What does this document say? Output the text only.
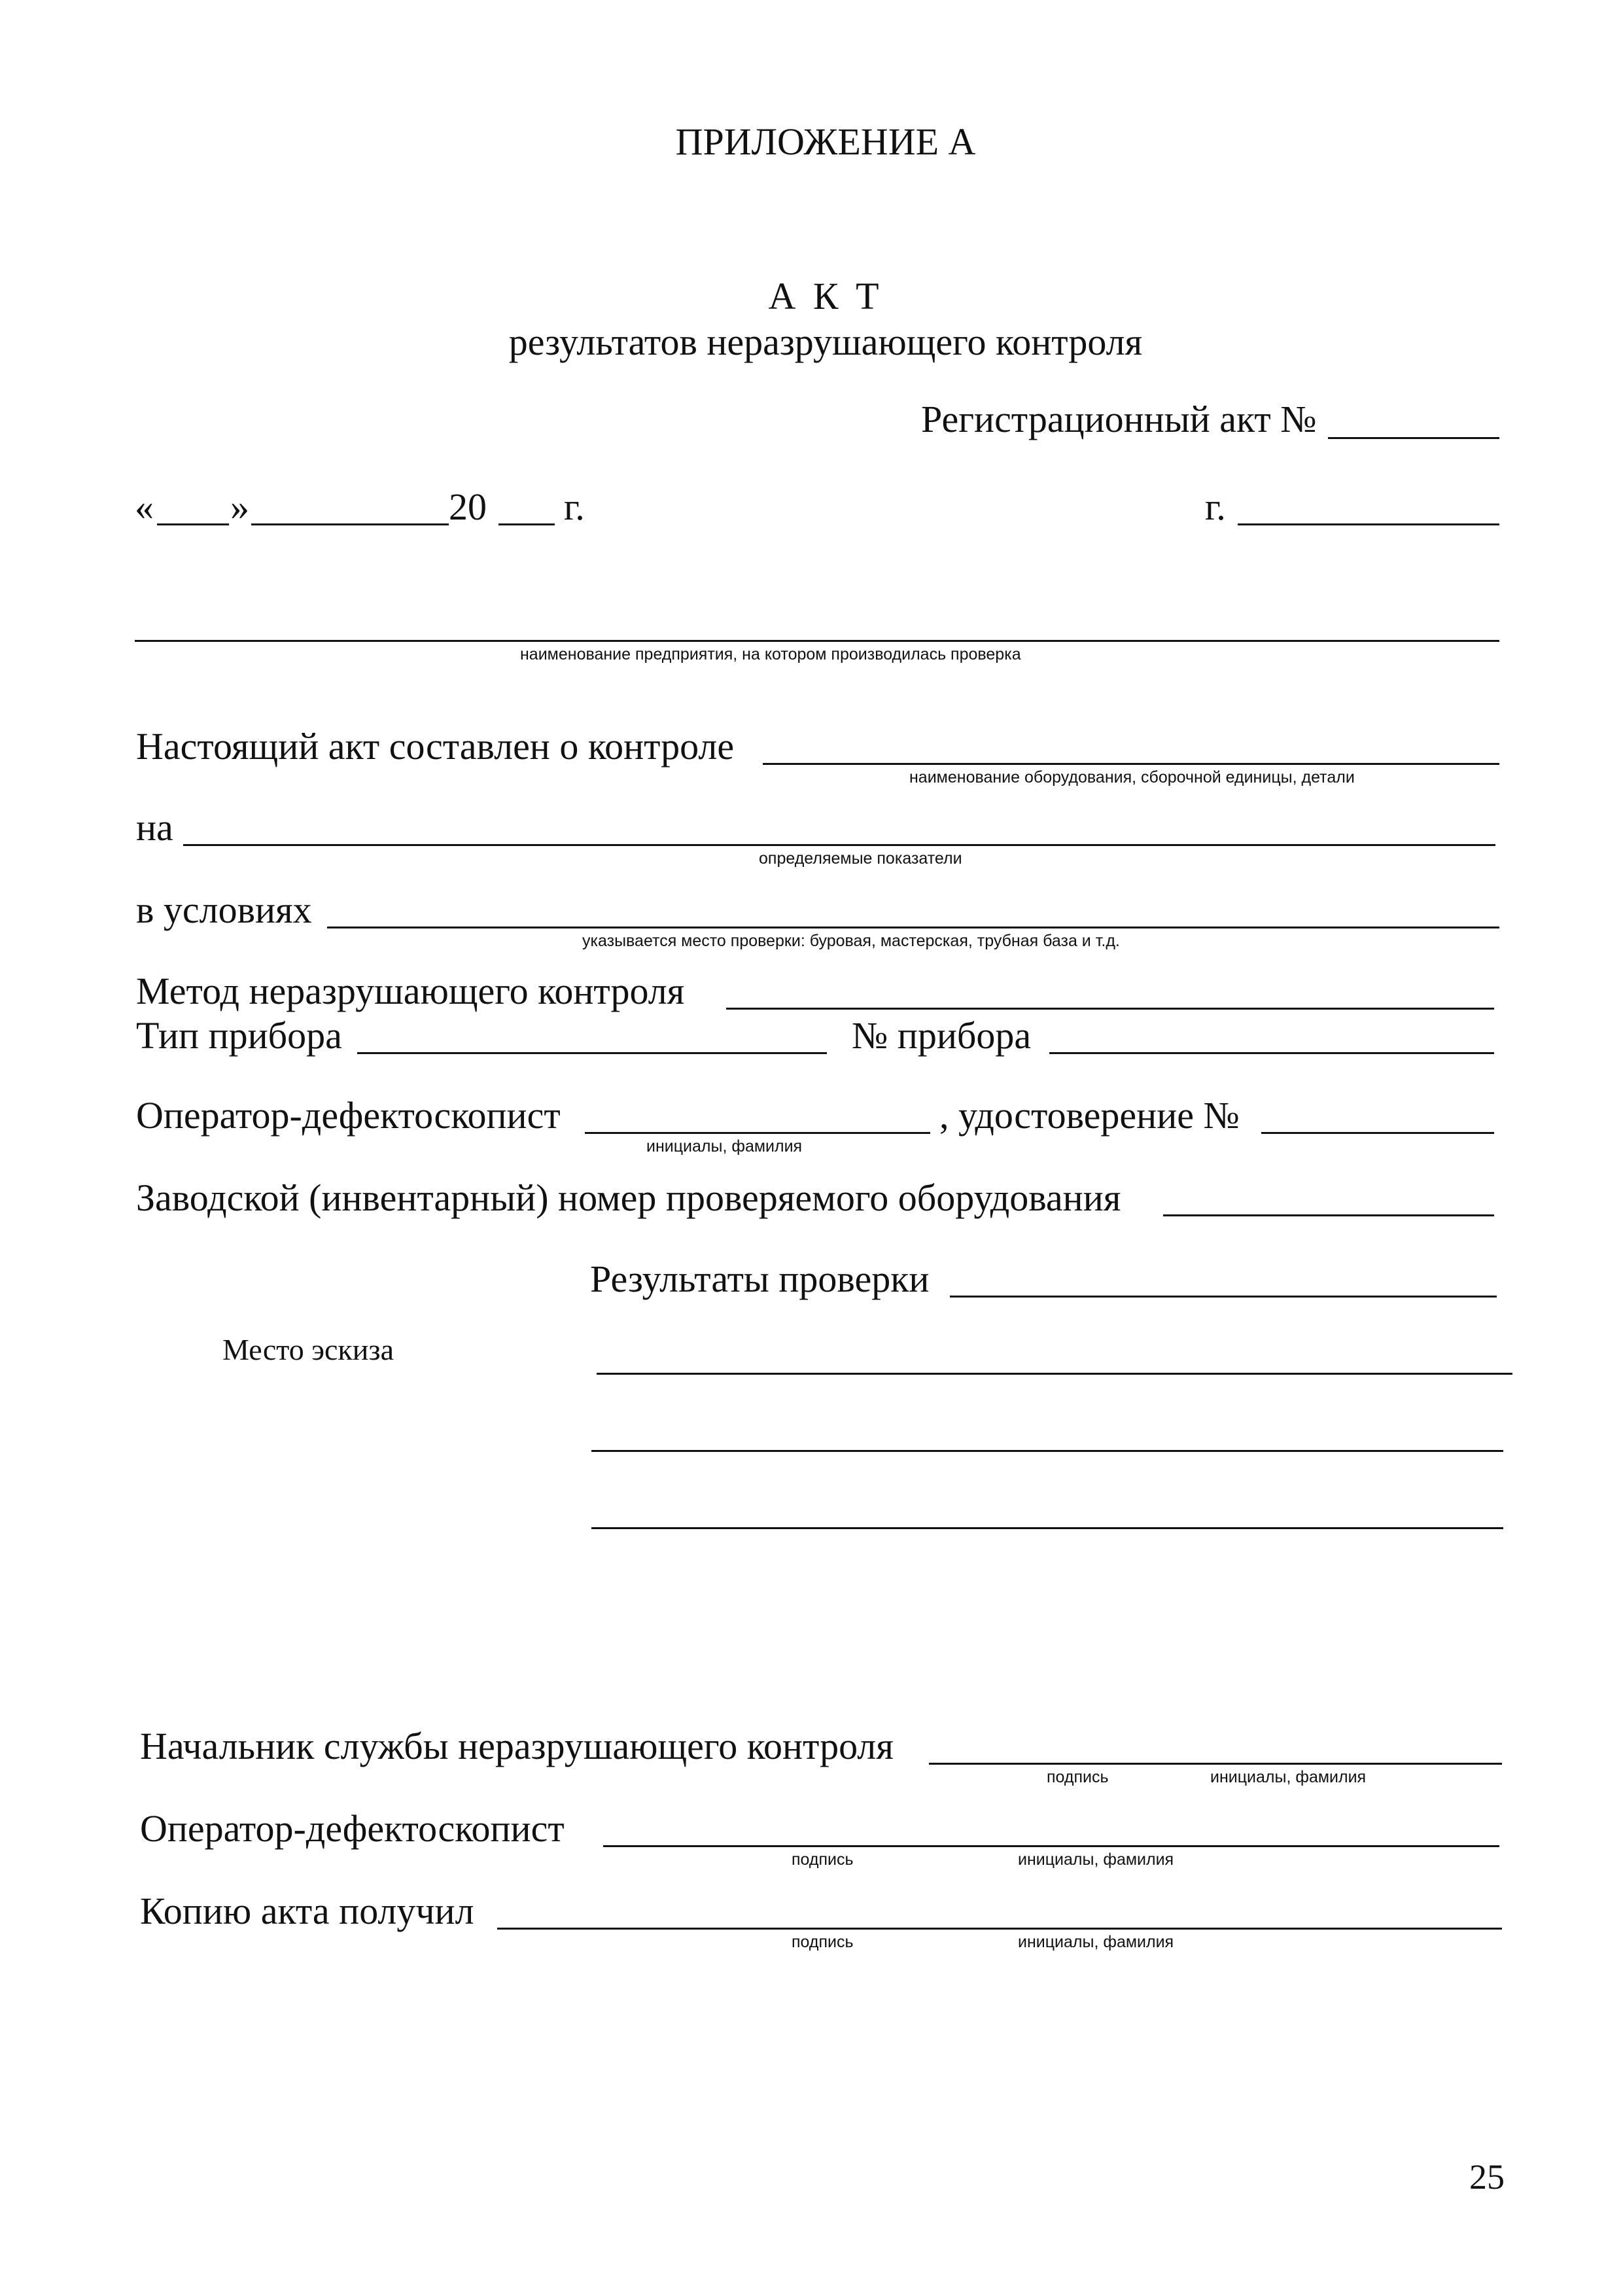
ПРИЛОЖЕНИЕ А
А К Т
результатов неразрушающего контроля
Регистрационный акт №
« »	20 г.	г.
наименование предприятия, на котором производилась проверка
Настоящий акт составлен о контроле
наименование оборудования, сборочной единицы, детали
на
определяемые показатели
в условиях
указывается место проверки: буровая, мастерская, трубная база и т.д.
Метод неразрушающего контроля
Тип прибора	№ прибора
Оператор-дефектоскопист
инициалы, фамилия
, удостоверение №
Заводской (инвентарный) номер проверяемого оборудования
Результаты проверки
Место эскиза
Начальник службы неразрушающего контроля
подпись	инициалы, фамилия
Оператор-дефектоскопист
подпись	инициалы, фамилия
Копию акта получил
подпись	инициалы, фамилия
25
